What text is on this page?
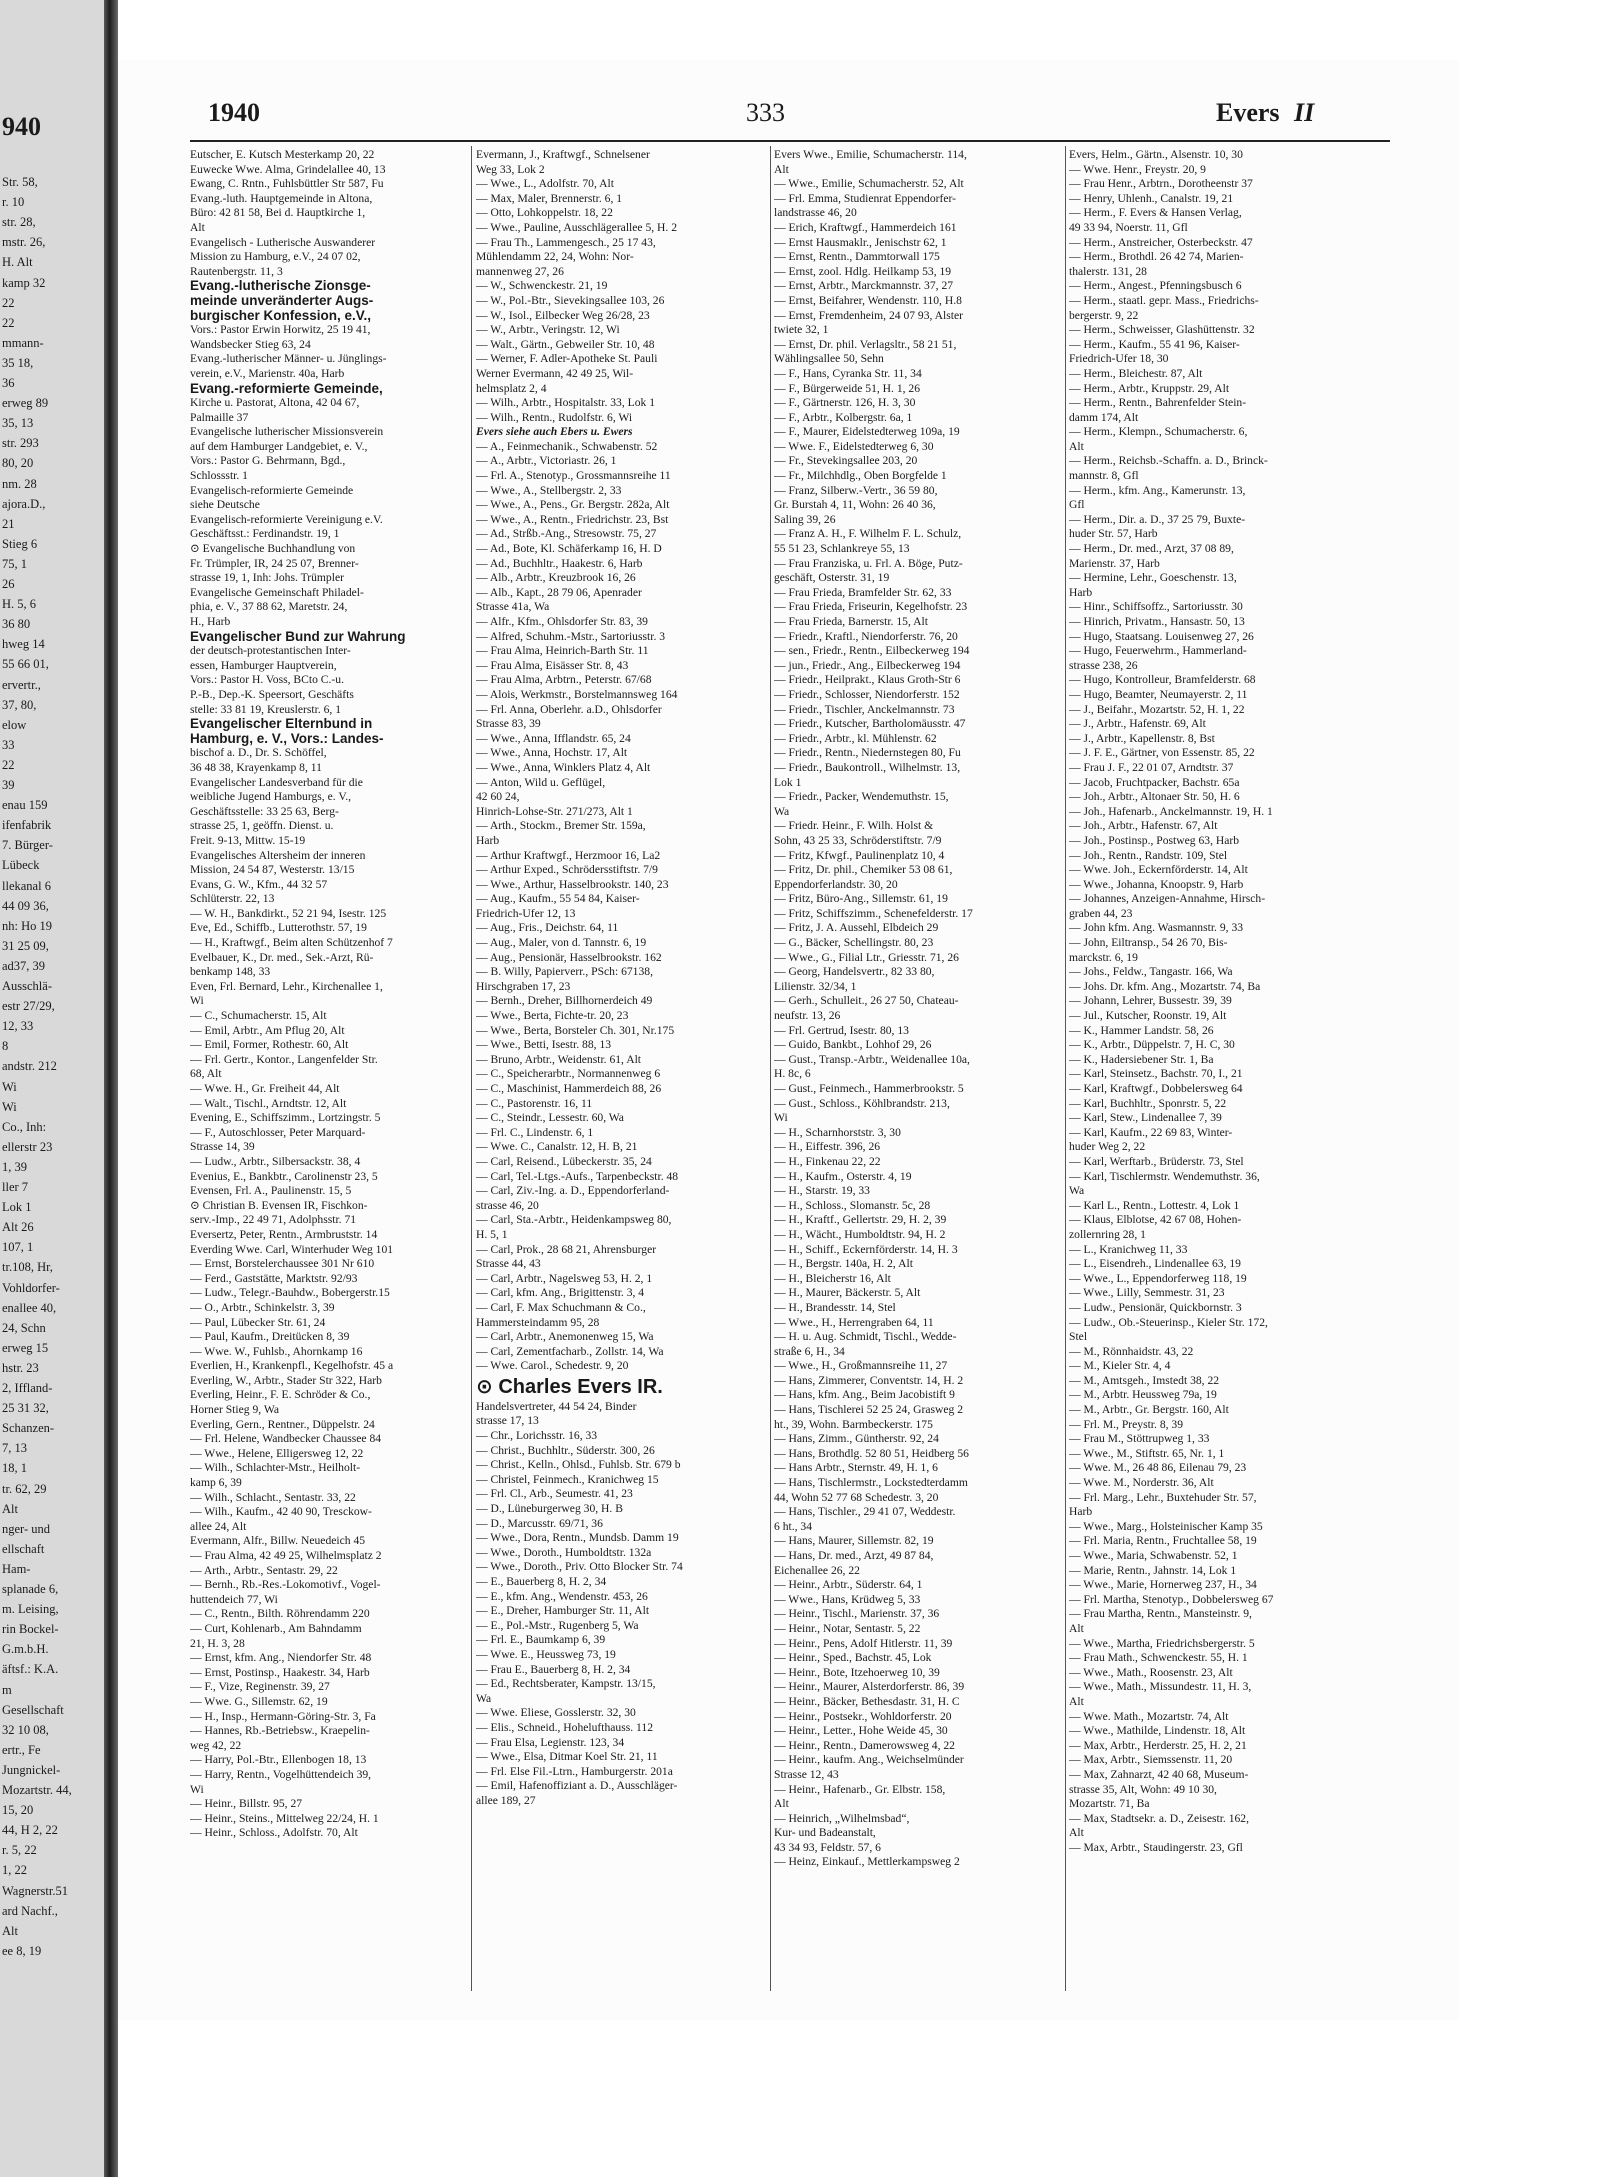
940
Str. 58,
r. 10
str. 28,
mstr. 26,
H. Alt
kamp 32
22
22
mmann-
35 18,
36
erweg 89
35, 13
str. 293
80, 20
nm. 28
ajora.D.,
21
Stieg 6
75, 1
26
H. 5, 6
36 80
hweg 14
55 66 01,
ervertr.,
37, 80,
elow
33
22
39
enau 159
ifenfabrik
7. Bürger-
Lübeck
llekanal 6
44 09 36,
nh: Ho 19
31 25 09,
ad37, 39
Ausschlä-
estr 27/29,
12, 33
8
andstr. 212
Wi
Wi
Co., Inh:
ellerstr 23
1, 39
ller 7
Lok 1
Alt 26
107, 1
tr.108, Hr,
Vohldorfer-
enallee 40,
24, Schn
erweg 15
hstr. 23
2, Iffland-
25 31 32,
Schanzen-
7, 13
18, 1
tr. 62, 29
Alt
nger- und
ellschaft
Ham-
splanade 6,
m. Leising,
rin Bockel-
G.m.b.H.
äftsf.: K.A.
m
Gesellschaft
32 10 08,
ertr., Fe
Jungnickel-
Mozartstr. 44,
15, 20
44, H 2, 22
r. 5, 22
1, 22
Wagnerstr.51
ard Nachf.,
Alt
ee 8, 19
1940	333	Evers II
Eutscher, E. Kutsch Mesterkamp 20, 22
Euwecke Wwe. Alma, Grindelallee 40, 13
Ewang, C. Rntn., Fuhlsbüttler Str 587, Fu
Evang.-luth. Hauptgemeinde in Altona,
Büro: 42 81 58, Bei d. Hauptkirche 1,
Alt
Evangelisch - Lutherische Auswanderer
Mission zu Hamburg, e.V., 24 07 02,
Rautenbergstr. 11, 3
Evang.-lutherische Zionsge-
meinde unveränderter Augs-
burgischer Konfession, e.V.,
Vors.: Pastor Erwin Horwitz, 25 19 41,
Wandsbecker Stieg 63, 24
Evang.-lutherischer Männer- u. Jünglings-
verein, e.V., Marienstr. 40a, Harb
Evang.-reformierte Gemeinde,
Kirche u. Pastorat, Altona, 42 04 67,
Palmaille 37
Evangelische lutherischer Missionsverein
auf dem Hamburger Landgebiet, e. V.,
Vors.: Pastor G. Behrmann, Bgd.,
Schlossstr. 1
Evangelisch-reformierte Gemeinde
siehe Deutsche
Evangelisch-reformierte Vereinigung e.V.
Geschäftsst.: Ferdinandstr. 19, 1
⊙ Evangelische Buchhandlung von
Fr. Trümpler, IR, 24 25 07, Brenner-
strasse 19, 1, Inh: Johs. Trümpler
Evangelische Gemeinschaft Philadel-
phia, e. V., 37 88 62, Maretstr. 24,
H., Harb
Evangelischer Bund zur Wahrung
der deutsch-protestantischen Inter-
essen, Hamburger Hauptverein,
Vors.: Pastor H. Voss, BCto C.-u.
P.-B., Dep.-K. Speersort, Geschäfts
stelle: 33 81 19, Kreuslerstr. 6, 1
Evangelischer Elternbund in
Hamburg, e. V., Vors.: Landes-
bischof a. D., Dr. S. Schöffel,
36 48 38, Krayenkamp 8, 11
Evangelischer Landesverband für die
weibliche Jugend Hamburgs, e. V.,
Geschäftsstelle: 33 25 63, Berg-
strasse 25, 1, geöffn. Dienst. u.
Freit. 9-13, Mittw. 15-19
Evangelisches Altersheim der inneren
Mission, 24 54 87, Westerstr. 13/15
Evans, G. W., Kfm., 44 32 57
Schlüterstr. 22, 13
— W. H., Bankdirkt., 52 21 94, Isestr. 125
Eve, Ed., Schiffb., Lutterothstr. 57, 19
— H., Kraftwgf., Beim alten Schützenhof 7
Evelbauer, K., Dr. med., Sek.-Arzt, Rü-
benkamp 148, 33
Even, Frl. Bernard, Lehr., Kirchenallee 1,
Wi
— C., Schumacherstr. 15, Alt
— Emil, Arbtr., Am Pflug 20, Alt
— Emil, Former, Rothestr. 60, Alt
— Frl. Gertr., Kontor., Langenfelder Str.
68, Alt
— Wwe. H., Gr. Freiheit 44, Alt
— Walt., Tischl., Arndtstr. 12, Alt
Evening, E., Schiffszimm., Lortzingstr. 5
— F., Autoschlosser, Peter Marquard-
Strasse 14, 39
— Ludw., Arbtr., Silbersackstr. 38, 4
Evenius, E., Bankbtr., Carolinenstr 23, 5
Evensen, Frl. A., Paulinenstr. 15, 5
⊙ Christian B. Evensen IR, Fischkon-
serv.-Imp., 22 49 71, Adolphsstr. 71
Eversertz, Peter, Rentn., Armbruststr. 14
Everding Wwe. Carl, Winterhuder Weg 101
— Ernst, Borstelerchaussee 301 Nr 610
— Ferd., Gaststätte, Marktstr. 92/93
— Ludw., Telegr.-Bauhdw., Bobergerstr.15
— O., Arbtr., Schinkelstr. 3, 39
— Paul, Lübecker Str. 61, 24
— Paul, Kaufm., Dreitücken 8, 39
— Wwe. W., Fuhlsb., Ahornkamp 16
Everlien, H., Krankenpfl., Kegelhofstr. 45 a
Everling, W., Arbtr., Stader Str 322, Harb
Everling, Heinr., F. E. Schröder & Co.,
Horner Stieg 9, Wa
Everling, Gern., Rentner., Düppelstr. 24
— Frl. Helene, Wandbecker Chaussee 84
— Wwe., Helene, Elligersweg 12, 22
— Wilh., Schlachter-Mstr., Heilholt-
kamp 6, 39
— Wilh., Schlacht., Sentastr. 33, 22
— Wilh., Kaufm., 42 40 90, Tresckow-
allee 24, Alt
Evermann, Alfr., Billw. Neuedeich 45
— Frau Alma, 42 49 25, Wilhelmsplatz 2
— Arth., Arbtr., Sentastr. 29, 22
— Bernh., Rb.-Res.-Lokomotivf., Vogel-
huttendeich 77, Wi
— C., Rentn., Bilth. Röhrendamm 220
— Curt, Kohlenarb., Am Bahndamm
21, H. 3, 28
— Ernst, kfm. Ang., Niendorfer Str. 48
— Ernst, Postinsp., Haakestr. 34, Harb
— F., Vize, Reginenstr. 39, 27
— Wwe. G., Sillemstr. 62, 19
— H., Insp., Hermann-Göring-Str. 3, Fa
— Hannes, Rb.-Betriebsw., Kraepelin-
weg 42, 22
— Harry, Pol.-Btr., Ellenbogen 18, 13
— Harry, Rentn., Vogelhüttendeich 39,
Wi
— Heinr., Billstr. 95, 27
— Heinr., Steins., Mittelweg 22/24, H. 1
— Heinr., Schloss., Adolfstr. 70, Alt
Evermann, J., Kraftwgf., Schnelsener
Weg 33, Lok 2
— Wwe., L., Adolfstr. 70, Alt
— Max, Maler, Brennerstr. 6, 1
— Otto, Lohkoppelstr. 18, 22
— Wwe., Pauline, Ausschlägerallee 5, H. 2
— Frau Th., Lammengesch., 25 17 43,
Mühlendamm 22, 24, Wohn: Nor-
mannenweg 27, 26
— W., Schwenckestr. 21, 19
— W., Pol.-Btr., Sievekingsallee 103, 26
— W., Isol., Eilbecker Weg 26/28, 23
— W., Arbtr., Veringstr. 12, Wi
— Walt., Gärtn., Gebweiler Str. 10, 48
— Werner, F. Adler-Apotheke St. Pauli
Werner Evermann, 42 49 25, Wil-
helmsplatz 2, 4
— Wilh., Arbtr., Hospitalstr. 33, Lok 1
— Wilh., Rentn., Rudolfstr. 6, Wi
Evers siehe auch Ebers u. Ewers
— A., Feinmechanik., Schwabenstr. 52
— A., Arbtr., Victoriastr. 26, 1
— Frl. A., Stenotyp., Grossmannsreihe 11
— Wwe., A., Stellbergstr. 2, 33
— Wwe., A., Pens., Gr. Bergstr. 282a, Alt
— Wwe., A., Rentn., Friedrichstr. 23, Bst
— Ad., Strßb.-Ang., Stresowstr. 75, 27
— Ad., Bote, Kl. Schäferkamp 16, H. D
— Ad., Buchhltr., Haakestr. 6, Harb
— Alb., Arbtr., Kreuzbrook 16, 26
— Alb., Kapt., 28 79 06, Apenrader
Strasse 41a, Wa
— Alfr., Kfm., Ohlsdorfer Str. 83, 39
— Alfred, Schuhm.-Mstr., Sartoriusstr. 3
— Frau Alma, Heinrich-Barth Str. 11
— Frau Alma, Eisässer Str. 8, 43
— Frau Alma, Arbtrn., Peterstr. 67/68
— Alois, Werkmstr., Borstelmannsweg 164
— Frl. Anna, Oberlehr. a.D., Ohlsdorfer
Strasse 83, 39
— Wwe., Anna, Ifflandstr. 65, 24
— Wwe., Anna, Hochstr. 17, Alt
— Wwe., Anna, Winklers Platz 4, Alt
— Anton, Wild u. Geflügel,
42 60 24,
Hinrich-Lohse-Str. 271/273, Alt 1
— Arth., Stockm., Bremer Str. 159a,
Harb
— Arthur Kraftwgf., Herzmoor 16, La2
— Arthur Exped., Schrödersstiftstr. 7/9
— Wwe., Arthur, Hasselbrookstr. 140, 23
— Aug., Kaufm., 55 54 84, Kaiser-
Friedrich-Ufer 12, 13
— Aug., Fris., Deichstr. 64, 11
— Aug., Maler, von d. Tannstr. 6, 19
— Aug., Pensionär, Hasselbrookstr. 162
— B. Willy, Papierverr., PSch: 67138,
Hirschgraben 17, 23
— Bernh., Dreher, Billhornerdeich 49
— Wwe., Berta, Fichte-tr. 20, 23
— Wwe., Berta, Borsteler Ch. 301, Nr.175
— Wwe., Betti, Isestr. 88, 13
— Bruno, Arbtr., Weidenstr. 61, Alt
— C., Speicherarbtr., Normannenweg 6
— C., Maschinist, Hammerdeich 88, 26
— C., Pastorenstr. 16, 11
— C., Steindr., Lessestr. 60, Wa
— Frl. C., Lindenstr. 6, 1
— Wwe. C., Canalstr. 12, H. B, 21
— Carl, Reisend., Lübeckerstr. 35, 24
— Carl, Tel.-Ltgs.-Aufs., Tarpenbeckstr. 48
— Carl, Ziv.-Ing. a. D., Eppendorferland-
strasse 46, 20
— Carl, Sta.-Arbtr., Heidenkampsweg 80,
H. 5, 1
— Carl, Prok., 28 68 21, Ahrensburger
Strasse 44, 43
— Carl, Arbtr., Nagelsweg 53, H. 2, 1
— Carl, kfm. Ang., Brigittenstr. 3, 4
— Carl, F. Max Schuchmann & Co.,
Hammersteindamm 95, 28
— Carl, Arbtr., Anemonenweg 15, Wa
— Carl, Zementfacharb., Zollstr. 14, Wa
— Wwe. Carol., Schedestr. 9, 20
⊙ Charles Evers IR.
Handelsvertreter, 44 54 24, Binder
strasse 17, 13
— Chr., Lorichsstr. 16, 33
— Christ., Buchhltr., Süderstr. 300, 26
— Christ., Kelln., Ohlsd., Fuhlsb. Str. 679 b
— Christel, Feinmech., Kranichweg 15
— Frl. Cl., Arb., Seumestr. 41, 23
— D., Lüneburgerweg 30, H. B
— D., Marcusstr. 69/71, 36
— Wwe., Dora, Rentn., Mundsb. Damm 19
— Wwe., Doroth., Humboldtstr. 132a
— Wwe., Doroth., Priv. Otto Blocker Str. 74
— E., Bauerberg 8, H. 2, 34
— E., kfm. Ang., Wendenstr. 453, 26
— E., Dreher, Hamburger Str. 11, Alt
— E., Pol.-Mstr., Rugenberg 5, Wa
— Frl. E., Baumkamp 6, 39
— Wwe. E., Heussweg 73, 19
— Frau E., Bauerberg 8, H. 2, 34
— Ed., Rechtsberater, Kampstr. 13/15,
Wa
— Wwe. Eliese, Gosslerstr. 32, 30
— Elis., Schneid., Hohelufthauss. 112
— Frau Elsa, Legienstr. 123, 34
— Wwe., Elsa, Ditmar Koel Str. 21, 11
— Frl. Else Fil.-Ltrn., Hamburgerstr. 201a
— Emil, Hafenoffiziant a. D., Ausschläger-
allee 189, 27
Evers Wwe., Emilie, Schumacherstr. 114,
Alt
— Wwe., Emilie, Schumacherstr. 52, Alt
— Frl. Emma, Studienrat Eppendorfer-
landstrasse 46, 20
— Erich, Kraftwgf., Hammerdeich 161
— Ernst Hausmaklr., Jenischstr 62, 1
— Ernst, Rentn., Dammtorwall 175
— Ernst, zool. Hdlg. Heilkamp 53, 19
— Ernst, Arbtr., Marckmannstr. 37, 27
— Ernst, Beifahrer, Wendenstr. 110, H.8
— Ernst, Fremdenheim, 24 07 93, Alster
twiete 32, 1
— Ernst, Dr. phil. Verlagsltr., 58 21 51,
Wählingsallee 50, Sehn
— F., Hans, Cyranka Str. 11, 34
— F., Bürgerweide 51, H. 1, 26
— F., Gärtnerstr. 126, H. 3, 30
— F., Arbtr., Kolbergstr. 6a, 1
— F., Maurer, Eidelstedterweg 109a, 19
— Wwe. F., Eidelstedterweg 6, 30
— Fr., Stevekingsallee 203, 20
— Fr., Milchhdlg., Oben Borgfelde 1
— Franz, Silberw.-Vertr., 36 59 80,
Gr. Burstah 4, 11, Wohn: 26 40 36,
Saling 39, 26
— Franz A. H., F. Wilhelm F. L. Schulz,
55 51 23, Schlankreye 55, 13
— Frau Franziska, u. Frl. A. Böge, Putz-
geschäft, Osterstr. 31, 19
— Frau Frieda, Bramfelder Str. 62, 33
— Frau Frieda, Friseurin, Kegelhofstr. 23
— Frau Frieda, Barnerstr. 15, Alt
— Friedr., Kraftl., Niendorferstr. 76, 20
— sen., Friedr., Rentn., Eilbeckerweg 194
— jun., Friedr., Ang., Eilbeckerweg 194
— Friedr., Heilprakt., Klaus Groth-Str 6
— Friedr., Schlosser, Niendorferstr. 152
— Friedr., Tischler, Anckelmannstr. 73
— Friedr., Kutscher, Bartholomäusstr. 47
— Friedr., Arbtr., kl. Mühlenstr. 62
— Friedr., Rentn., Niedernstegen 80, Fu
— Friedr., Baukontroll., Wilhelmstr. 13,
Lok 1
— Friedr., Packer, Wendemuthstr. 15,
Wa
— Friedr. Heinr., F. Wilh. Holst &
Sohn, 43 25 33, Schröderstiftstr. 7/9
— Fritz, Kfwgf., Paulinenplatz 10, 4
— Fritz, Dr. phil., Chemiker 53 08 61,
Eppendorferlandstr. 30, 20
— Fritz, Büro-Ang., Sillemstr. 61, 19
— Fritz, Schiffszimm., Schenefelderstr. 17
— Fritz, J. A. Aussehl, Elbdeich 29
— G., Bäcker, Schellingstr. 80, 23
— Wwe., G., Filial Ltr., Griesstr. 71, 26
— Georg, Handelsvertr., 82 33 80,
Lilienstr. 32/34, 1
— Gerh., Schulleit., 26 27 50, Chateau-
neufstr. 13, 26
— Frl. Gertrud, Isestr. 80, 13
— Guido, Bankbt., Lohhof 29, 26
— Gust., Transp.-Arbtr., Weidenallee 10a,
H. 8c, 6
— Gust., Feinmech., Hammerbrookstr. 5
— Gust., Schloss., Köhlbrandstr. 213,
Wi
— H., Scharnhorststr. 3, 30
— H., Eiffestr. 396, 26
— H., Finkenau 22, 22
— H., Kaufm., Osterstr. 4, 19
— H., Starstr. 19, 33
— H., Schloss., Slomanstr. 5c, 28
— H., Kraftf., Gellertstr. 29, H. 2, 39
— H., Wächt., Humboldtstr. 94, H. 2
— H., Schiff., Eckernförderstr. 14, H. 3
— H., Bergstr. 140a, H. 2, Alt
— H., Bleicherstr 16, Alt
— H., Maurer, Bäckerstr. 5, Alt
— H., Brandesstr. 14, Stel
— Wwe., H., Herrengraben 64, 11
— H. u. Aug. Schmidt, Tischl., Wedde-
straße 6, H., 34
— Wwe., H., Großmannsreihe 11, 27
— Hans, Zimmerer, Conventstr. 14, H. 2
— Hans, kfm. Ang., Beim Jacobistift 9
— Hans, Tischlerei 52 25 24, Grasweg 2
ht., 39, Wohn. Barmbeckerstr. 175
— Hans, Zimm., Güntherstr. 92, 24
— Hans, Brothdlg. 52 80 51, Heidberg 56
— Hans Arbtr., Sternstr. 49, H. 1, 6
— Hans, Tischlermstr., Lockstedterdamm
44, Wohn 52 77 68 Schedestr. 3, 20
— Hans, Tischler., 29 41 07, Weddestr.
6 ht., 34
— Hans, Maurer, Sillemstr. 82, 19
— Hans, Dr. med., Arzt, 49 87 84,
Eichenallee 26, 22
— Heinr., Arbtr., Süderstr. 64, 1
— Wwe., Hans, Krüdweg 5, 33
— Heinr., Tischl., Marienstr. 37, 36
— Heinr., Notar, Sentastr. 5, 22
— Heinr., Pens, Adolf Hitlerstr. 11, 39
— Heinr., Sped., Bachstr. 45, Lok
— Heinr., Bote, Itzehoerweg 10, 39
— Heinr., Maurer, Alsterdorferstr. 86, 39
— Heinr., Bäcker, Bethesdastr. 31, H. C
— Heinr., Postsekr., Wohldorferstr. 20
— Heinr., Letter., Hohe Weide 45, 30
— Heinr., Rentn., Damerowsweg 4, 22
— Heinr., kaufm. Ang., Weichselmünder
Strasse 12, 43
— Heinr., Hafenarb., Gr. Elbstr. 158,
Alt
— Heinrich, „Wilhelmsbad“,
Kur- und Badeanstalt,
43 34 93, Feldstr. 57, 6
— Heinz, Einkauf., Mettlerkampsweg 2
Evers, Helm., Gärtn., Alsenstr. 10, 30
— Wwe. Henr., Freystr. 20, 9
— Frau Henr., Arbtrn., Dorotheenstr 37
— Henry, Uhlenh., Canalstr. 19, 21
— Herm., F. Evers & Hansen Verlag,
49 33 94, Noerstr. 11, Gfl
— Herm., Anstreicher, Osterbeckstr. 47
— Herm., Brothdl. 26 42 74, Marien-
thalerstr. 131, 28
— Herm., Angest., Pfenningsbusch 6
— Herm., staatl. gepr. Mass., Friedrichs-
bergerstr. 9, 22
— Herm., Schweisser, Glashüttenstr. 32
— Herm., Kaufm., 55 41 96, Kaiser-
Friedrich-Ufer 18, 30
— Herm., Bleichestr. 87, Alt
— Herm., Arbtr., Kruppstr. 29, Alt
— Herm., Rentn., Bahrenfelder Stein-
damm 174, Alt
— Herm., Klempn., Schumacherstr. 6,
Alt
— Herm., Reichsb.-Schaffn. a. D., Brinck-
mannstr. 8, Gfl
— Herm., kfm. Ang., Kamerunstr. 13,
Gfl
— Herm., Dir. a. D., 37 25 79, Buxte-
huder Str. 57, Harb
— Herm., Dr. med., Arzt, 37 08 89,
Marienstr. 37, Harb
— Hermine, Lehr., Goeschenstr. 13,
Harb
— Hinr., Schiffsoffz., Sartoriusstr. 30
— Hinrich, Privatm., Hansastr. 50, 13
— Hugo, Staatsang. Louisenweg 27, 26
— Hugo, Feuerwehrm., Hammerland-
strasse 238, 26
— Hugo, Kontrolleur, Bramfelderstr. 68
— Hugo, Beamter, Neumayerstr. 2, 11
— J., Beifahr., Mozartstr. 52, H. 1, 22
— J., Arbtr., Hafenstr. 69, Alt
— J., Arbtr., Kapellenstr. 8, Bst
— J. F. E., Gärtner, von Essenstr. 85, 22
— Frau J. F., 22 01 07, Arndtstr. 37
— Jacob, Fruchtpacker, Bachstr. 65a
— Joh., Arbtr., Altonaer Str. 50, H. 6
— Joh., Hafenarb., Anckelmannstr. 19, H. 1
— Joh., Arbtr., Hafenstr. 67, Alt
— Joh., Postinsp., Postweg 63, Harb
— Joh., Rentn., Randstr. 109, Stel
— Wwe. Joh., Eckernförderstr. 14, Alt
— Wwe., Johanna, Knoopstr. 9, Harb
— Johannes, Anzeigen-Annahme, Hirsch-
graben 44, 23
— John kfm. Ang. Wasmannstr. 9, 33
— John, Eiltransp., 54 26 70, Bis-
marckstr. 6, 19
— Johs., Feldw., Tangastr. 166, Wa
— Johs. Dr. kfm. Ang., Mozartstr. 74, Ba
— Johann, Lehrer, Bussestr. 39, 39
— Jul., Kutscher, Roonstr. 19, Alt
— K., Hammer Landstr. 58, 26
— K., Arbtr., Düppelstr. 7, H. C, 30
— K., Hadersiebener Str. 1, Ba
— Karl, Steinsetz., Bachstr. 70, I., 21
— Karl, Kraftwgf., Dobbelersweg 64
— Karl, Buchhltr., Sponrstr. 5, 22
— Karl, Stew., Lindenallee 7, 39
— Karl, Kaufm., 22 69 83, Winter-
huder Weg 2, 22
— Karl, Werftarb., Brüderstr. 73, Stel
— Karl, Tischlermstr. Wendemuthstr. 36,
Wa
— Karl L., Rentn., Lottestr. 4, Lok 1
— Klaus, Elblotse, 42 67 08, Hohen-
zollernring 28, 1
— L., Kranichweg 11, 33
— L., Eisendreh., Lindenallee 63, 19
— Wwe., L., Eppendorferweg 118, 19
— Wwe., Lilly, Semmestr. 31, 23
— Ludw., Pensionär, Quickbornstr. 3
— Ludw., Ob.-Steuerinsp., Kieler Str. 172,
Stel
— M., Rönnhaidstr. 43, 22
— M., Kieler Str. 4, 4
— M., Amtsgeh., Imstedt 38, 22
— M., Arbtr. Heussweg 79a, 19
— M., Arbtr., Gr. Bergstr. 160, Alt
— Frl. M., Preystr. 8, 39
— Frau M., Stöttrupweg 1, 33
— Wwe., M., Stiftstr. 65, Nr. 1, 1
— Wwe. M., 26 48 86, Eilenau 79, 23
— Wwe. M., Norderstr. 36, Alt
— Frl. Marg., Lehr., Buxtehuder Str. 57,
Harb
— Wwe., Marg., Holsteinischer Kamp 35
— Frl. Maria, Rentn., Fruchtallee 58, 19
— Wwe., Maria, Schwabenstr. 52, 1
— Marie, Rentn., Jahnstr. 14, Lok 1
— Wwe., Marie, Hornerweg 237, H., 34
— Frl. Martha, Stenotyp., Dobbelersweg 67
— Frau Martha, Rentn., Mansteinstr. 9,
Alt
— Wwe., Martha, Friedrichsbergerstr. 5
— Frau Math., Schwenckestr. 55, H. 1
— Wwe., Math., Roosenstr. 23, Alt
— Wwe., Math., Missundestr. 11, H. 3,
Alt
— Wwe. Math., Mozartstr. 74, Alt
— Wwe., Mathilde, Lindenstr. 18, Alt
— Max, Arbtr., Herderstr. 25, H. 2, 21
— Max, Arbtr., Siemssenstr. 11, 20
— Max, Zahnarzt, 42 40 68, Museum-
strasse 35, Alt, Wohn: 49 10 30,
Mozartstr. 71, Ba
— Max, Stadtsekr. a. D., Zeisestr. 162,
Alt
— Max, Arbtr., Staudingerstr. 23, Gfl
